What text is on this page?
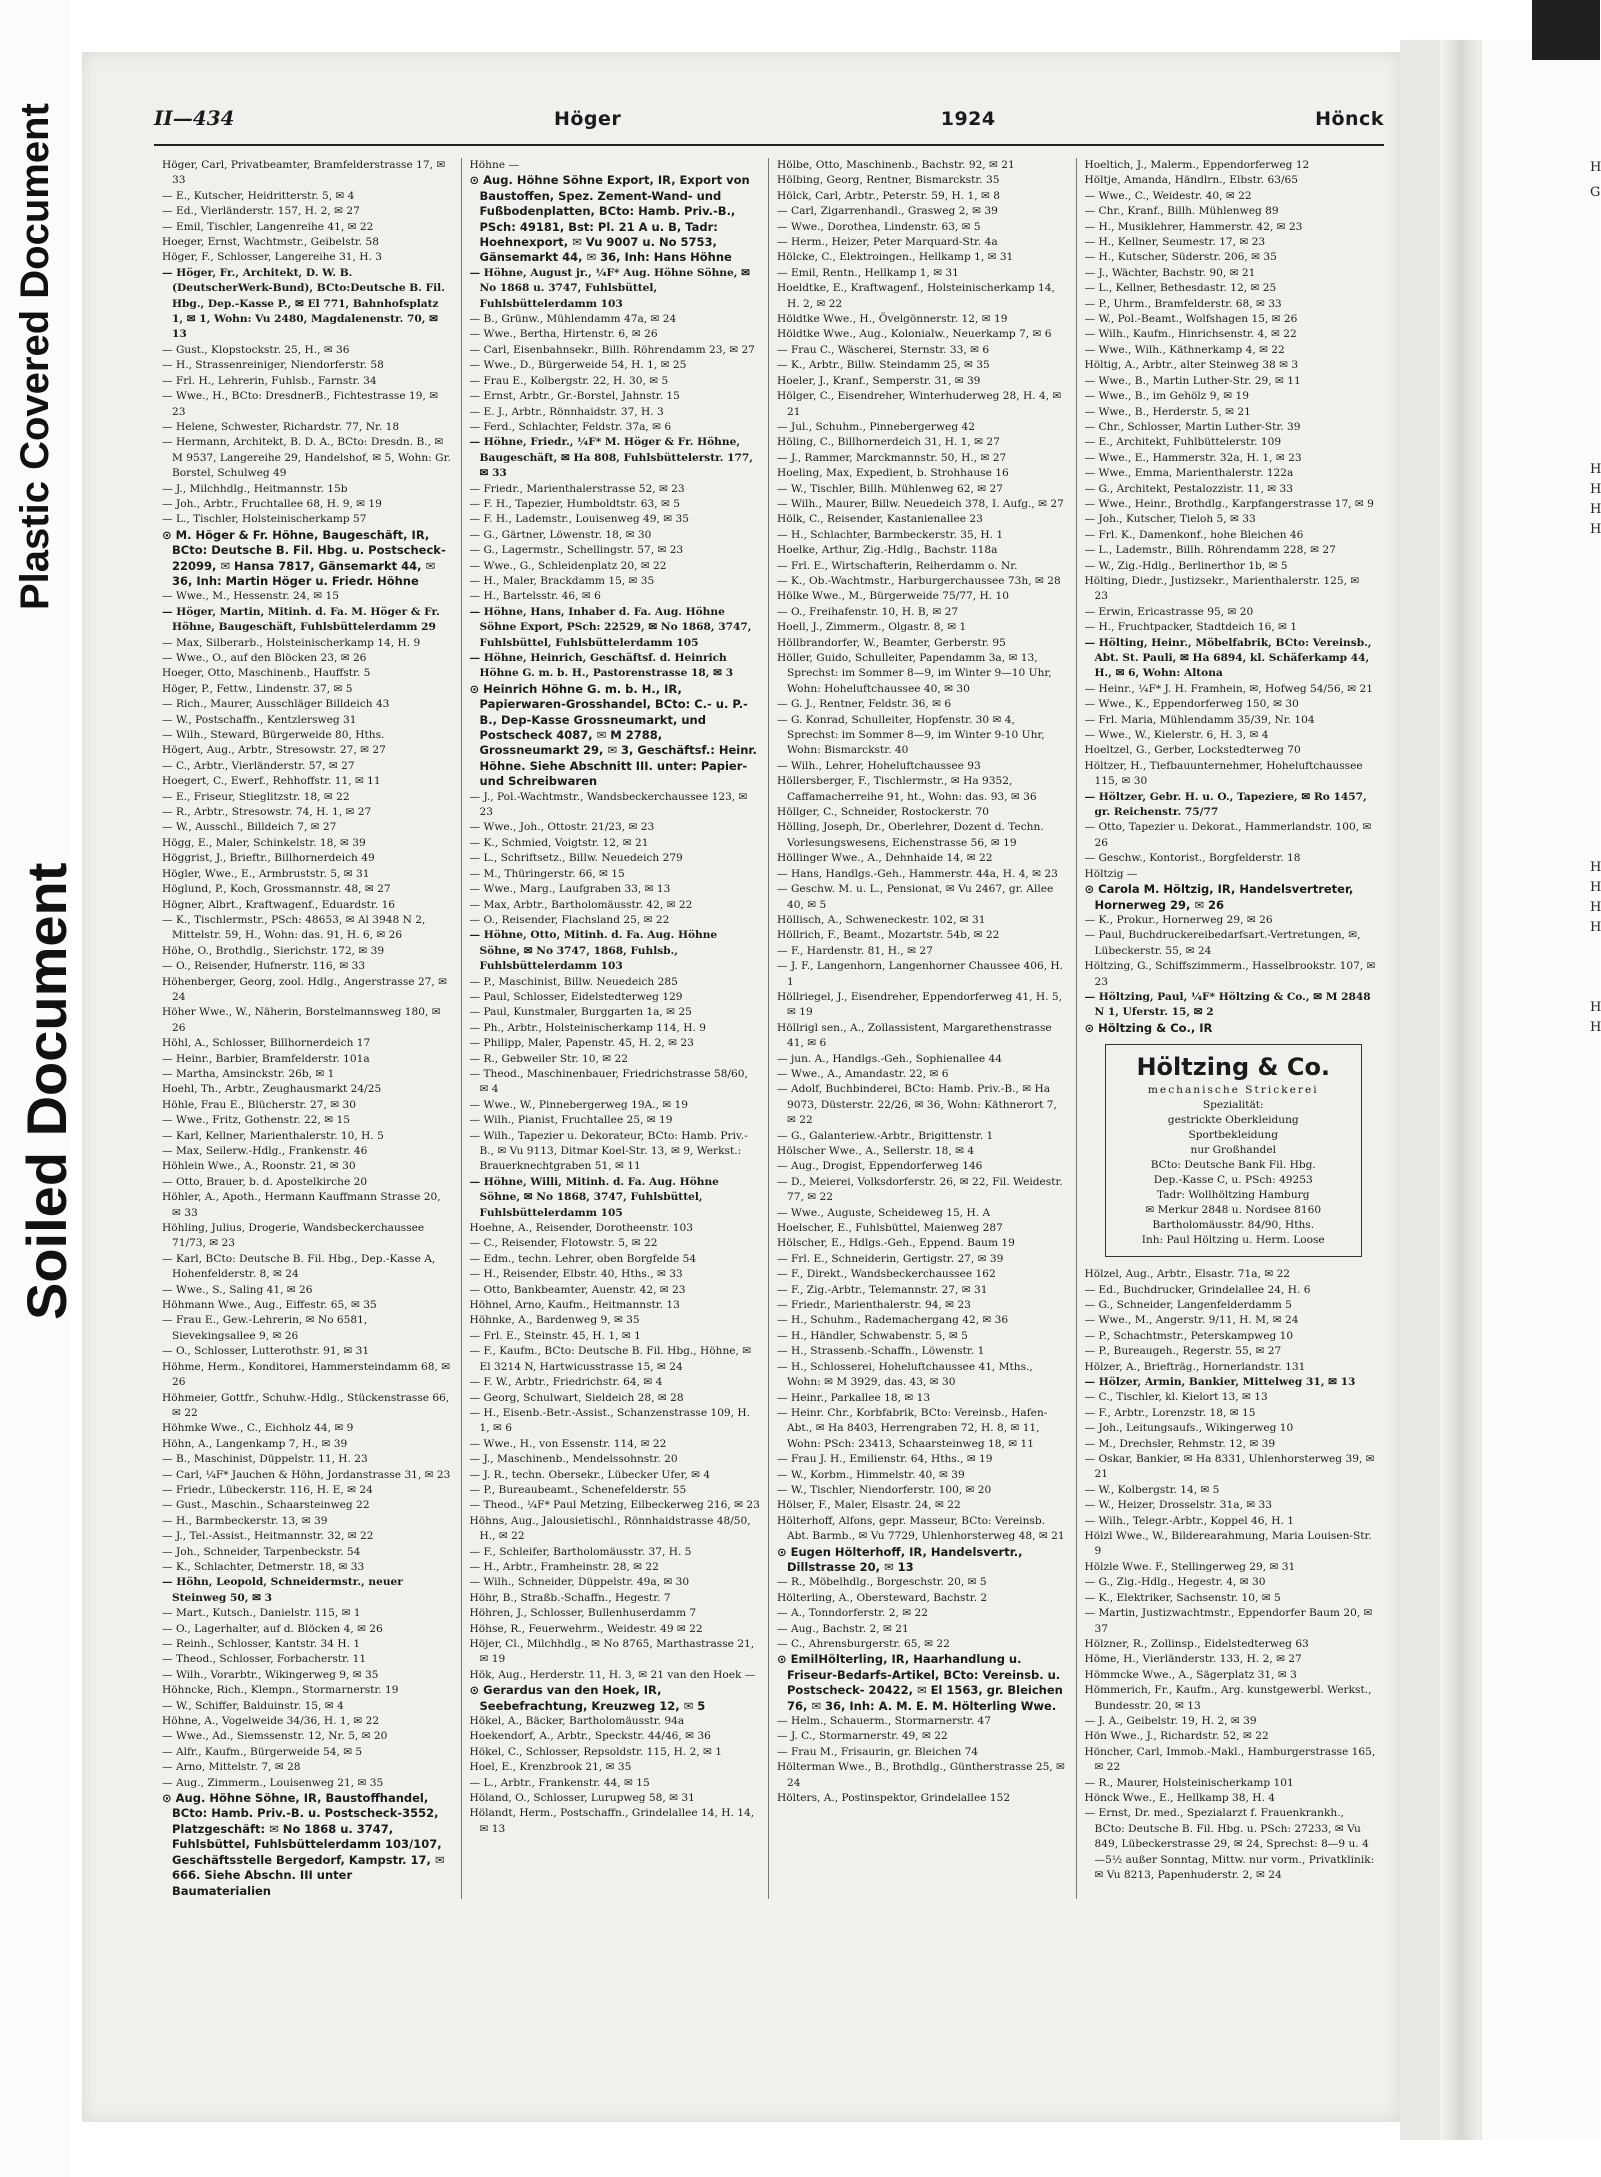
Plastic Covered Document
Soiled Document
H
G
H
H
H
H
H
H
H
H
H
H
II—434	Höger	1924	Hönck

Höger, Carl, Privatbeamter, Bramfelderstrasse 17, ✉ 33

— E., Kutscher, Heidritterstr. 5, ✉ 4

— Ed., Vierländerstr. 157, H. 2, ✉ 27

— Emil, Tischler, Langenreihe 41, ✉ 22

Hoeger, Ernst, Wachtmstr., Geibelstr. 58

Höger, F., Schlosser, Langereihe 31, H. 3

— Höger, Fr., Architekt, D. W. B. (DeutscherWerk-Bund), BCto:Deutsche B. Fil. Hbg., Dep.-Kasse P., ✉ El 771, Bahnhofsplatz 1, ✉ 1, Wohn: Vu 2480, Magdalenenstr. 70, ✉ 13

— Gust., Klopstockstr. 25, H., ✉ 36

— H., Strassenreiniger, Niendorferstr. 58

— Frl. H., Lehrerin, Fuhlsb., Farnstr. 34

— Wwe., H., BCto: DresdnerB., Fichtestrasse 19, ✉ 23

— Helene, Schwester, Richardstr. 77, Nr. 18

— Hermann, Architekt, B. D. A., BCto: Dresdn. B., ✉ M 9537, Langereihe 29, Handelshof, ✉ 5, Wohn: Gr. Borstel, Schulweg 49

— J., Milchhdlg., Heitmannstr. 15b

— Joh., Arbtr., Fruchtallee 68, H. 9, ✉ 19

— L., Tischler, Holsteinischerkamp 57

⊙ M. Höger & Fr. Höhne, Baugeschäft, IR, BCto: Deutsche B. Fil. Hbg. u. Postscheck- 22099, ✉ Hansa 7817, Gänsemarkt 44, ✉ 36, Inh: Martin Höger u. Friedr. Höhne

— Wwe., M., Hessenstr. 24, ✉ 15

— Höger, Martin, Mitinh. d. Fa. M. Höger & Fr. Höhne, Baugeschäft, Fuhlsbüttelerdamm 29

— Max, Silberarb., Holsteinischerkamp 14, H. 9

— Wwe., O., auf den Blöcken 23, ✉ 26

Hoeger, Otto, Maschinenb., Hauffstr. 5

Höger, P., Fettw., Lindenstr. 37, ✉ 5

— Rich., Maurer, Ausschläger Billdeich 43

— W., Postschaffn., Kentzlersweg 31

— Wilh., Steward, Bürgerweide 80, Hths.

Högert, Aug., Arbtr., Stresowstr. 27, ✉ 27

— C., Arbtr., Vierländerstr. 57, ✉ 27

Hoegert, C., Ewerf., Rehhoffstr. 11, ✉ 11

— E., Friseur, Stieglitzstr. 18, ✉ 22

— R., Arbtr., Stresowstr. 74, H. 1, ✉ 27

— W., Ausschl., Billdeich 7, ✉ 27

Högg, E., Maler, Schinkelstr. 18, ✉ 39

Höggrist, J., Brieftr., Billhornerdeich 49

Högler, Wwe., E., Armbruststr. 5, ✉ 31

Höglund, P., Koch, Grossmannstr. 48, ✉ 27

Högner, Albrt., Kraftwagenf., Eduardstr. 16

— K., Tischlermstr., PSch: 48653, ✉ Al 3948 N 2, Mittelstr. 59, H., Wohn: das. 91, H. 6, ✉ 26

Höhe, O., Brothdlg., Sierichstr. 172, ✉ 39

— O., Reisender, Hufnerstr. 116, ✉ 33

Höhenberger, Georg, zool. Hdlg., Angerstrasse 27, ✉ 24

Höher Wwe., W., Näherin, Borstelmannsweg 180, ✉ 26

Höhl, A., Schlosser, Billhornerdeich 17

— Heinr., Barbier, Bramfelderstr. 101a

— Martha, Amsinckstr. 26b, ✉ 1

Hoehl, Th., Arbtr., Zeughausmarkt 24/25

Höhle, Frau E., Blücherstr. 27, ✉ 30

— Wwe., Fritz, Gothenstr. 22, ✉ 15

— Karl, Kellner, Marienthalerstr. 10, H. 5

— Max, Seilerw.-Hdlg., Frankenstr. 46

Höhlein Wwe., A., Roonstr. 21, ✉ 30

— Otto, Brauer, b. d. Apostelkirche 20

Höhler, A., Apoth., Hermann Kauffmann Strasse 20, ✉ 33

Höhling, Julius, Drogerie, Wandsbeckerchaussee 71/73, ✉ 23

— Karl, BCto: Deutsche B. Fil. Hbg., Dep.-Kasse A, Hohenfelderstr. 8, ✉ 24

— Wwe., S., Saling 41, ✉ 26

Höhmann Wwe., Aug., Eiffestr. 65, ✉ 35

— Frau E., Gew.-Lehrerin, ✉ No 6581, Sievekingsallee 9, ✉ 26

— O., Schlosser, Lutterothstr. 91, ✉ 31

Höhme, Herm., Konditorei, Hammersteindamm 68, ✉ 26

Höhmeier, Gottfr., Schuhw.-Hdlg., Stückenstrasse 66, ✉ 22

Höhmke Wwe., C., Eichholz 44, ✉ 9

Höhn, A., Langenkamp 7, H., ✉ 39

— B., Maschinist, Düppelstr. 11, H. 23

— Carl, ¼F* Jauchen & Höhn, Jordanstrasse 31, ✉ 23

— Friedr., Lübeckerstr. 116, H. E, ✉ 24

— Gust., Maschin., Schaarsteinweg 22

— H., Barmbeckerstr. 13, ✉ 39

— J., Tel.-Assist., Heitmannstr. 32, ✉ 22

— Joh., Schneider, Tarpenbeckstr. 54

— K., Schlachter, Detmerstr. 18, ✉ 33

— Höhn, Leopold, Schneidermstr., neuer Steinweg 50, ✉ 3

— Mart., Kutsch., Danielstr. 115, ✉ 1

— O., Lagerhalter, auf d. Blöcken 4, ✉ 26

— Reinh., Schlosser, Kantstr. 34 H. 1

— Theod., Schlosser, Forbacherstr. 11

— Wilh., Vorarbtr., Wikingerweg 9, ✉ 35

Höhncke, Rich., Klempn., Stormarnerstr. 19

— W., Schiffer, Balduinstr. 15, ✉ 4

Höhne, A., Vogelweide 34/36, H. 1, ✉ 22

— Wwe., Ad., Siemssenstr. 12, Nr. 5, ✉ 20

— Alfr., Kaufm., Bürgerweide 54, ✉ 5

— Arno, Mittelstr. 7, ✉ 28

— Aug., Zimmerm., Louisenweg 21, ✉ 35

⊙ Aug. Höhne Söhne, IR, Baustoffhandel, BCto: Hamb. Priv.-B. u. Postscheck-3552, Platzgeschäft: ✉ No 1868 u. 3747, Fuhlsbüttel, Fuhlsbüttelerdamm 103/107, Geschäftsstelle Bergedorf, Kampstr. 17, ✉ 666. Siehe Abschn. III unter Baumaterialien

Höhne —

⊙ Aug. Höhne Söhne Export, IR, Export von Baustoffen, Spez. Zement-Wand- und Fußbodenplatten, BCto: Hamb. Priv.-B., PSch: 49181, Bst: Pl. 21 A u. B, Tadr: Hoehnexport, ✉ Vu 9007 u. No 5753, Gänsemarkt 44, ✉ 36, Inh: Hans Höhne

— Höhne, August jr., ¼F* Aug. Höhne Söhne, ✉ No 1868 u. 3747, Fuhlsbüttel, Fuhlsbüttelerdamm 103

— B., Grünw., Mühlendamm 47a, ✉ 24

— Wwe., Bertha, Hirtenstr. 6, ✉ 26

— Carl, Eisenbahnsekr., Billh. Röhrendamm 23, ✉ 27

— Wwe., D., Bürgerweide 54, H. 1, ✉ 25

— Frau E., Kolbergstr. 22, H. 30, ✉ 5

— Ernst, Arbtr., Gr.-Borstel, Jahnstr. 15

— E. J., Arbtr., Rönnhaidstr. 37, H. 3

— Ferd., Schlachter, Feldstr. 37a, ✉ 6

— Höhne, Friedr., ¼F* M. Höger & Fr. Höhne, Baugeschäft, ✉ Ha 808, Fuhlsbüttelerstr. 177, ✉ 33

— Friedr., Marienthalerstrasse 52, ✉ 23

— F. H., Tapezier, Humboldtstr. 63, ✉ 5

— F. H., Lademstr., Louisenweg 49, ✉ 35

— G., Gärtner, Löwenstr. 18, ✉ 30

— G., Lagermstr., Schellingstr. 57, ✉ 23

— Wwe., G., Schleidenplatz 20, ✉ 22

— H., Maler, Brackdamm 15, ✉ 35

— H., Bartelsstr. 46, ✉ 6

— Höhne, Hans, Inhaber d. Fa. Aug. Höhne Söhne Export, PSch: 22529, ✉ No 1868, 3747, Fuhlsbüttel, Fuhlsbüttelerdamm 105

— Höhne, Heinrich, Geschäftsf. d. Heinrich Höhne G. m. b. H., Pastorenstrasse 18, ✉ 3

⊙ Heinrich Höhne G. m. b. H., IR, Papierwaren-Grosshandel, BCto: C.- u. P.-B., Dep-Kasse Grossneumarkt, und Postscheck 4087, ✉ M 2788, Grossneumarkt 29, ✉ 3, Geschäftsf.: Heinr. Höhne. Siehe Abschnitt III. unter: Papier- und Schreibwaren

— J., Pol.-Wachtmstr., Wandsbeckerchaussee 123, ✉ 23

— Wwe., Joh., Ottostr. 21/23, ✉ 23

— K., Schmied, Voigtstr. 12, ✉ 21

— L., Schriftsetz., Billw. Neuedeich 279

— M., Thüringerstr. 66, ✉ 15

— Wwe., Marg., Laufgraben 33, ✉ 13

— Max, Arbtr., Bartholomäusstr. 42, ✉ 22

— O., Reisender, Flachsland 25, ✉ 22

— Höhne, Otto, Mitinh. d. Fa. Aug. Höhne Söhne, ✉ No 3747, 1868, Fuhlsb., Fuhlsbüttelerdamm 103

— P., Maschinist, Billw. Neuedeich 285

— Paul, Schlosser, Eidelstedterweg 129

— Paul, Kunstmaler, Burggarten 1a, ✉ 25

— Ph., Arbtr., Holsteinischerkamp 114, H. 9

— Philipp, Maler, Papenstr. 45, H. 2, ✉ 23

— R., Gebweiler Str. 10, ✉ 22

— Theod., Maschinenbauer, Friedrichstrasse 58/60, ✉ 4

— Wwe., W., Pinnebergerweg 19A., ✉ 19

— Wilh., Pianist, Fruchtallee 25, ✉ 19

— Wilh., Tapezier u. Dekorateur, BCto: Hamb. Priv.-B., ✉ Vu 9113, Ditmar Koel-Str. 13, ✉ 9, Werkst.: Brauerknechtgraben 51, ✉ 11

— Höhne, Willi, Mitinh. d. Fa. Aug. Höhne Söhne, ✉ No 1868, 3747, Fuhlsbüttel, Fuhlsbüttelerdamm 105

Hoehne, A., Reisender, Dorotheenstr. 103

— C., Reisender, Flotowstr. 5, ✉ 22

— Edm., techn. Lehrer, oben Borgfelde 54

— H., Reisender, Elbstr. 40, Hths., ✉ 33

— Otto, Bankbeamter, Auenstr. 42, ✉ 23

Höhnel, Arno, Kaufm., Heitmannstr. 13

Höhnke, A., Bardenweg 9, ✉ 35

— Frl. E., Steinstr. 45, H. 1, ✉ 1

— F., Kaufm., BCto: Deutsche B. Fil. Hbg., Höhne, ✉ El 3214 N, Hartwicusstrasse 15, ✉ 24

— F. W., Arbtr., Friedrichstr. 64, ✉ 4

— Georg, Schulwart, Sieldeich 28, ✉ 28

— H., Eisenb.-Betr.-Assist., Schanzenstrasse 109, H. 1, ✉ 6

— Wwe., H., von Essenstr. 114, ✉ 22

— J., Maschinenb., Mendelssohnstr. 20

— J. R., techn. Obersekr., Lübecker Ufer, ✉ 4

— P., Bureaubeamt., Schenefelderstr. 55

— Theod., ¼F* Paul Metzing, Eilbeckerweg 216, ✉ 23

Höhns, Aug., Jalousietischl., Rönnhaidstrasse 48/50, H., ✉ 22

— F., Schleifer, Bartholomäusstr. 37, H. 5

— H., Arbtr., Framheinstr. 28, ✉ 22

— Wilh., Schneider, Düppelstr. 49a, ✉ 30

Höhr, B., Straßb.-Schaffn., Hegestr. 7

Höhren, J., Schlosser, Bullenhuserdamm 7

Höhse, R., Feuerwehrm., Weidestr. 49 ✉ 22

Höjer, Cl., Milchhdlg., ✉ No 8765, Marthastrasse 21, ✉ 19

Hök, Aug., Herderstr. 11, H. 3, ✉ 21 van den Hoek —

⊙ Gerardus van den Hoek, IR, Seebefrachtung, Kreuzweg 12, ✉ 5

Hökel, A., Bäcker, Bartholomäusstr. 94a

Hoekendorf, A., Arbtr., Speckstr. 44/46, ✉ 36

Hökel, C., Schlosser, Repsoldstr. 115, H. 2, ✉ 1

Hoel, E., Krenzbrook 21, ✉ 35

— L., Arbtr., Frankenstr. 44, ✉ 15

Höland, O., Schlosser, Lurupweg 58, ✉ 31

Hölandt, Herm., Postschaffn., Grindelallee 14, H. 14, ✉ 13

Hölbe, Otto, Maschinenb., Bachstr. 92, ✉ 21

Hölbing, Georg, Rentner, Bismarckstr. 35

Hölck, Carl, Arbtr., Peterstr. 59, H. 1, ✉ 8

— Carl, Zigarrenhandl., Grasweg 2, ✉ 39

— Wwe., Dorothea, Lindenstr. 63, ✉ 5

— Herm., Heizer, Peter Marquard-Str. 4a

Hölcke, C., Elektroingen., Hellkamp 1, ✉ 31

— Emil, Rentn., Hellkamp 1, ✉ 31

Hoeldtke, E., Kraftwagenf., Holsteinischerkamp 14, H. 2, ✉ 22

Höldtke Wwe., H., Övelgönnerstr. 12, ✉ 19

Höldtke Wwe., Aug., Kolonialw., Neuerkamp 7, ✉ 6

— Frau C., Wäscherei, Sternstr. 33, ✉ 6

— K., Arbtr., Billw. Steindamm 25, ✉ 35

Hoeler, J., Kranf., Semperstr. 31, ✉ 39

Hölger, C., Eisendreher, Winterhuderweg 28, H. 4, ✉ 21

— Jul., Schuhm., Pinnebergerweg 42

Höling, C., Billhornerdeich 31, H. 1, ✉ 27

— J., Rammer, Marckmannstr. 50, H., ✉ 27

Hoeling, Max, Expedient, b. Strohhause 16

— W., Tischler, Billh. Mühlenweg 62, ✉ 27

— Wilh., Maurer, Billw. Neuedeich 378, I. Aufg., ✉ 27

Hölk, C., Reisender, Kastanienallee 23

— H., Schlachter, Barmbeckerstr. 35, H. 1

Hoelke, Arthur, Zig.-Hdlg., Bachstr. 118a

— Frl. E., Wirtschafterin, Reiherdamm o. Nr.

— K., Ob.-Wachtmstr., Harburgerchaussee 73h, ✉ 28

Hölke Wwe., M., Bürgerweide 75/77, H. 10

— O., Freihafenstr. 10, H. B, ✉ 27

Hoell, J., Zimmerm., Olgastr. 8, ✉ 1

Höllbrandorfer, W., Beamter, Gerberstr. 95

Höller, Guido, Schulleiter, Papendamm 3a, ✉ 13, Sprechst: im Sommer 8—9, im Winter 9—10 Uhr, Wohn: Hoheluftchaussee 40, ✉ 30

— G. J., Rentner, Feldstr. 36, ✉ 6

— G. Konrad, Schulleiter, Hopfenstr. 30 ✉ 4, Sprechst: im Sommer 8—9, im Winter 9-10 Uhr, Wohn: Bismarckstr. 40

— Wilh., Lehrer, Hoheluftchaussee 93

Höllersberger, F., Tischlermstr., ✉ Ha 9352, Caffamacherreihe 91, ht., Wohn: das. 93, ✉ 36

Höllger, C., Schneider, Rostockerstr. 70

Hölling, Joseph, Dr., Oberlehrer, Dozent d. Techn. Vorlesungswesens, Eichenstrasse 56, ✉ 19

Höllinger Wwe., A., Dehnhaide 14, ✉ 22

— Hans, Handlgs.-Geh., Hammerstr. 44a, H. 4, ✉ 23

— Geschw. M. u. L., Pensionat, ✉ Vu 2467, gr. Allee 40, ✉ 5

Höllisch, A., Schweneckestr. 102, ✉ 31

Höllrich, F., Beamt., Mozartstr. 54b, ✉ 22

— F., Hardenstr. 81, H., ✉ 27

— J. F., Langenhorn, Langenhorner Chaussee 406, H. 1

Höllriegel, J., Eisendreher, Eppendorferweg 41, H. 5, ✉ 19

Höllrigl sen., A., Zollassistent, Margarethenstrasse 41, ✉ 6

— jun. A., Handlgs.-Geh., Sophienallee 44

— Wwe., A., Amandastr. 22, ✉ 6

— Adolf, Buchbinderei, BCto: Hamb. Priv.-B., ✉ Ha 9073, Düsterstr. 22/26, ✉ 36, Wohn: Käthnerort 7, ✉ 22

— G., Galanteriew.-Arbtr., Brigittenstr. 1

Hölscher Wwe., A., Sellerstr. 18, ✉ 4

— Aug., Drogist, Eppendorferweg 146

— D., Meierei, Volksdorferstr. 26, ✉ 22, Fil. Weidestr. 77, ✉ 22

— Wwe., Auguste, Scheideweg 15, H. A

Hoelscher, E., Fuhlsbüttel, Maienweg 287

Hölscher, E., Hdlgs.-Geh., Eppend. Baum 19

— Frl. E., Schneiderin, Gertigstr. 27, ✉ 39

— F., Direkt., Wandsbeckerchaussee 162

— F., Zig.-Arbtr., Telemannstr. 27, ✉ 31

— Friedr., Marienthalerstr. 94, ✉ 23

— H., Schuhm., Rademachergang 42, ✉ 36

— H., Händler, Schwabenstr. 5, ✉ 5

— H., Strassenb.-Schaffn., Löwenstr. 1

— H., Schlosserei, Hoheluftchaussee 41, Mths., Wohn: ✉ M 3929, das. 43, ✉ 30

— Heinr., Parkallee 18, ✉ 13

— Heinr. Chr., Korbfabrik, BCto: Vereinsb., Hafen-Abt., ✉ Ha 8403, Herrengraben 72, H. 8, ✉ 11, Wohn: PSch: 23413, Schaarsteinweg 18, ✉ 11

— Frau J. H., Emilienstr. 64, Hths., ✉ 19

— W., Korbm., Himmelstr. 40, ✉ 39

— W., Tischler, Niendorferstr. 100, ✉ 20

Hölser, F., Maler, Elsastr. 24, ✉ 22

Hölterhoff, Alfons, gepr. Masseur, BCto: Vereinsb. Abt. Barmb., ✉ Vu 7729, Uhlenhorsterweg 48, ✉ 21

⊙ Eugen Hölterhoff, IR, Handelsvertr., Dillstrasse 20, ✉ 13

— R., Möbelhdlg., Borgeschstr. 20, ✉ 5

Hölterling, A., Obersteward, Bachstr. 2

— A., Tonndorferstr. 2, ✉ 22

— Aug., Bachstr. 2, ✉ 21

— C., Ahrensburgerstr. 65, ✉ 22

⊙ EmilHölterling, IR, Haarhandlung u. Friseur-Bedarfs-Artikel, BCto: Vereinsb. u. Postscheck- 20422, ✉ El 1563, gr. Bleichen 76, ✉ 36, Inh: A. M. E. M. Hölterling Wwe.

— Helm., Schauerm., Stormarnerstr. 47

— J. C., Stormarnerstr. 49, ✉ 22

— Frau M., Frisaurin, gr. Bleichen 74

Hölterman Wwe., B., Brothdlg., Güntherstrasse 25, ✉ 24

Hölters, A., Postinspektor, Grindelallee 152

Hoeltich, J., Malerm., Eppendorferweg 12

Höltje, Amanda, Händlrn., Elbstr. 63/65

— Wwe., C., Weidestr. 40, ✉ 22

— Chr., Kranf., Billh. Mühlenweg 89

— H., Musiklehrer, Hammerstr. 42, ✉ 23

— H., Kellner, Seumestr. 17, ✉ 23

— H., Kutscher, Süderstr. 206, ✉ 35

— J., Wächter, Bachstr. 90, ✉ 21

— L., Kellner, Bethesdastr. 12, ✉ 25

— P., Uhrm., Bramfelderstr. 68, ✉ 33

— W., Pol.-Beamt., Wolfshagen 15, ✉ 26

— Wilh., Kaufm., Hinrichsenstr. 4, ✉ 22

— Wwe., Wilh., Käthnerkamp 4, ✉ 22

Höltig, A., Arbtr., alter Steinweg 38 ✉ 3

— Wwe., B., Martin Luther-Str. 29, ✉ 11

— Wwe., B., im Gehölz 9, ✉ 19

— Wwe., B., Herderstr. 5, ✉ 21

— Chr., Schlosser, Martin Luther-Str. 39

— E., Architekt, Fuhlbüttelerstr. 109

— Wwe., E., Hammerstr. 32a, H. 1, ✉ 23

— Wwe., Emma, Marienthalerstr. 122a

— G., Architekt, Pestalozzistr. 11, ✉ 33

— Wwe., Heinr., Brothdlg., Karpfangerstrasse 17, ✉ 9

— Joh., Kutscher, Tieloh 5, ✉ 33

— Frl. K., Damenkonf., hohe Bleichen 46

— L., Lademstr., Billh. Röhrendamm 228, ✉ 27

— W., Zig.-Hdlg., Berlinerthor 1b, ✉ 5

Hölting, Diedr., Justizsekr., Marienthalerstr. 125, ✉ 23

— Erwin, Ericastrasse 95, ✉ 20

— H., Fruchtpacker, Stadtdeich 16, ✉ 1

— Hölting, Heinr., Möbelfabrik, BCto: Vereinsb., Abt. St. Pauli, ✉ Ha 6894, kl. Schäferkamp 44, H., ✉ 6, Wohn: Altona

— Heinr., ¼F* J. H. Framhein, ✉, Hofweg 54/56, ✉ 21

— Wwe., K., Eppendorferweg 150, ✉ 30

— Frl. Maria, Mühlendamm 35/39, Nr. 104

— Wwe., W., Kielerstr. 6, H. 3, ✉ 4

Hoeltzel, G., Gerber, Lockstedterweg 70

Höltzer, H., Tiefbauunternehmer, Hoheluftchaussee 115, ✉ 30

— Höltzer, Gebr. H. u. O., Tapeziere, ✉ Ro 1457, gr. Reichenstr. 75/77

— Otto, Tapezier u. Dekorat., Hammerlandstr. 100, ✉ 26

— Geschw., Kontorist., Borgfelderstr. 18

Höltzig —

⊙ Carola M. Höltzig, IR, Handelsvertreter, Hornerweg 29, ✉ 26

— K., Prokur., Hornerweg 29, ✉ 26

— Paul, Buchdruckereibedarfsart.-Vertretungen, ✉, Lübeckerstr. 55, ✉ 24

Höltzing, G., Schiffszimmerm., Hasselbrookstr. 107, ✉ 23

— Höltzing, Paul, ¼F* Höltzing & Co., ✉ M 2848 N 1, Uferstr. 15, ✉ 2

⊙ Höltzing & Co., IR

Höltzing & Co.
mechanische Strickerei
Spezialität:
gestrickte Oberkleidung
Sportbekleidung
nur Großhandel
BCto: Deutsche Bank Fil. Hbg.
Dep.-Kasse C, u. PSch: 49253
Tadr: Wollhöltzing Hamburg
✉ Merkur 2848 u. Nordsee 8160
Bartholomäusstr. 84/90, Hths.
Inh: Paul Höltzing u. Herm. Loose

Hölzel, Aug., Arbtr., Elsastr. 71a, ✉ 22

— Ed., Buchdrucker, Grindelallee 24, H. 6

— G., Schneider, Langenfelderdamm 5

— Wwe., M., Angerstr. 9/11, H. M, ✉ 24

— P., Schachtmstr., Peterskampweg 10

— P., Bureaugeh., Regerstr. 55, ✉ 27

Hölzer, A., Briefträg., Hornerlandstr. 131

— Hölzer, Armin, Bankier, Mittelweg 31, ✉ 13

— C., Tischler, kl. Kielort 13, ✉ 13

— F., Arbtr., Lorenzstr. 18, ✉ 15

— Joh., Leitungsaufs., Wikingerweg 10

— M., Drechsler, Rehmstr. 12, ✉ 39

— Oskar, Bankier, ✉ Ha 8331, Uhlenhorsterweg 39, ✉ 21

— W., Kolbergstr. 14, ✉ 5

— W., Heizer, Drosselstr. 31a, ✉ 33

— Wilh., Telegr.-Arbtr., Koppel 46, H. 1

Hölzl Wwe., W., Bilderearahmung, Maria Louisen-Str. 9

Hölzle Wwe. F., Stellingerweg 29, ✉ 31

— G., Zig.-Hdlg., Hegestr. 4, ✉ 30

— K., Elektriker, Sachsenstr. 10, ✉ 5

— Martin, Justizwachtmstr., Eppendorfer Baum 20, ✉ 37

Hölzner, R., Zollinsp., Eidelstedterweg 63

Höme, H., Vierländerstr. 133, H. 2, ✉ 27

Hömmcke Wwe., A., Sägerplatz 31, ✉ 3

Hömmerich, Fr., Kaufm., Arg. kunstgewerbl. Werkst., Bundesstr. 20, ✉ 13

— J. A., Geibelstr. 19, H. 2, ✉ 39

Hön Wwe., J., Richardstr. 52, ✉ 22

Höncher, Carl, Immob.-Makl., Hamburgerstrasse 165, ✉ 22

— R., Maurer, Holsteinischerkamp 101

Hönck Wwe., E., Hellkamp 38, H. 4

— Ernst, Dr. med., Spezialarzt f. Frauenkrankh., BCto: Deutsche B. Fil. Hbg. u. PSch: 27233, ✉ Vu 849, Lübeckerstrasse 29, ✉ 24, Sprechst: 8—9 u. 4—5½ außer Sonntag, Mittw. nur vorm., Privatklinik: ✉ Vu 8213, Papenhuderstr. 2, ✉ 24
